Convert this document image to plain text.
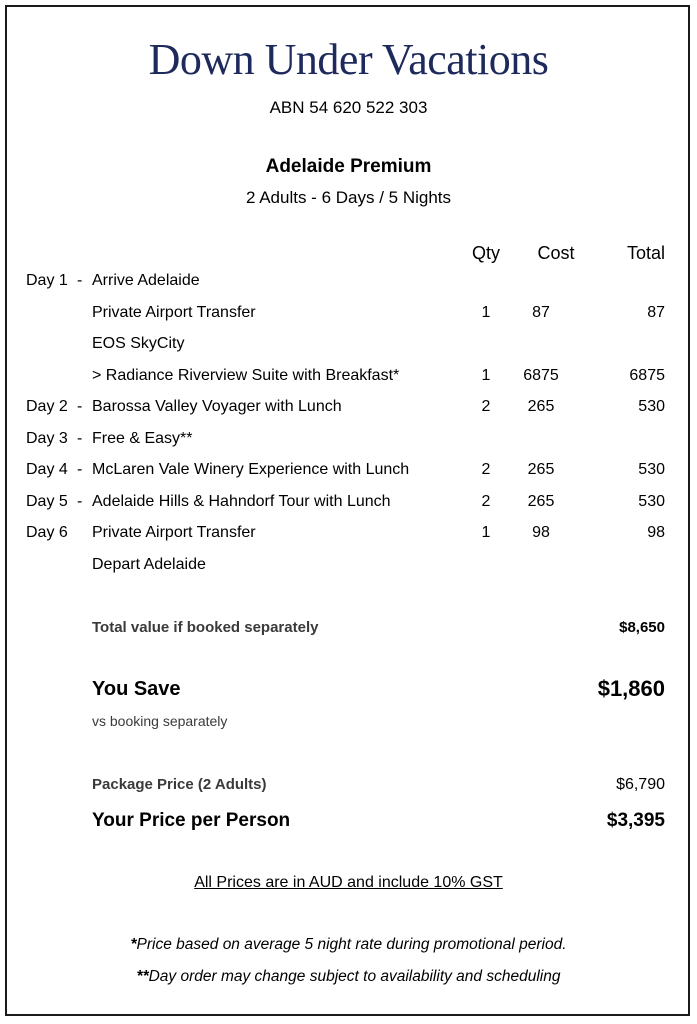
Down Under Vacations
ABN 54 620 522 303
Adelaide Premium
2 Adults - 6 Days / 5 Nights
Qty	Cost	Total
Day 1 - Arrive Adelaide
Private Airport Transfer	1	87	87
EOS SkyCity
> Radiance Riverview Suite with Breakfast*	1	6875	6875
Day 2 - Barossa Valley Voyager with Lunch	2	265	530
Day 3 - Free & Easy**
Day 4 - McLaren Vale Winery Experience with Lunch	2	265	530
Day 5 - Adelaide Hills & Hahndorf Tour with Lunch	2	265	530
Day 6 Private Airport Transfer	1	98	98
Depart Adelaide
Total value if booked separately	$8,650
You Save	$1,860
vs booking separately
Package Price (2 Adults)	$6,790
Your Price per Person	$3,395
All Prices are in AUD and include 10% GST
*Price based on average 5 night rate during promotional period.
**Day order may change subject to availability and scheduling
